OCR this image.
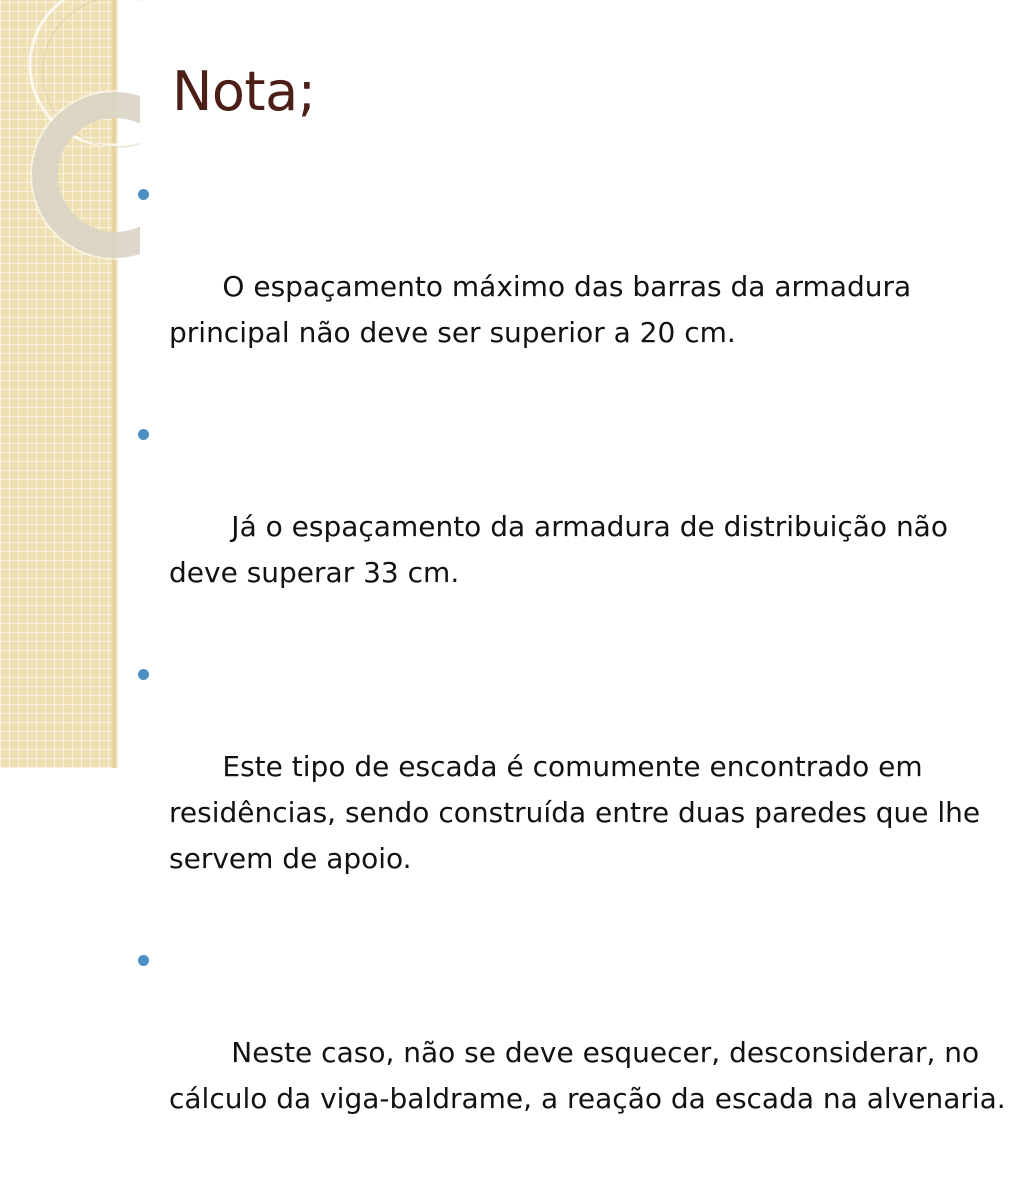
Nota;

O espaçamento máximo das barras da armadura principal não deve ser superior a 20 cm.

Já o espaçamento da armadura de distribuição não deve superar 33 cm.

Este tipo de escada é comumente encontrado em residências, sendo construída entre duas paredes que lhe servem de apoio.

Neste caso, não se deve esquecer, desconsiderar, no cálculo da viga-baldrame, a reação da escada na alvenaria.
